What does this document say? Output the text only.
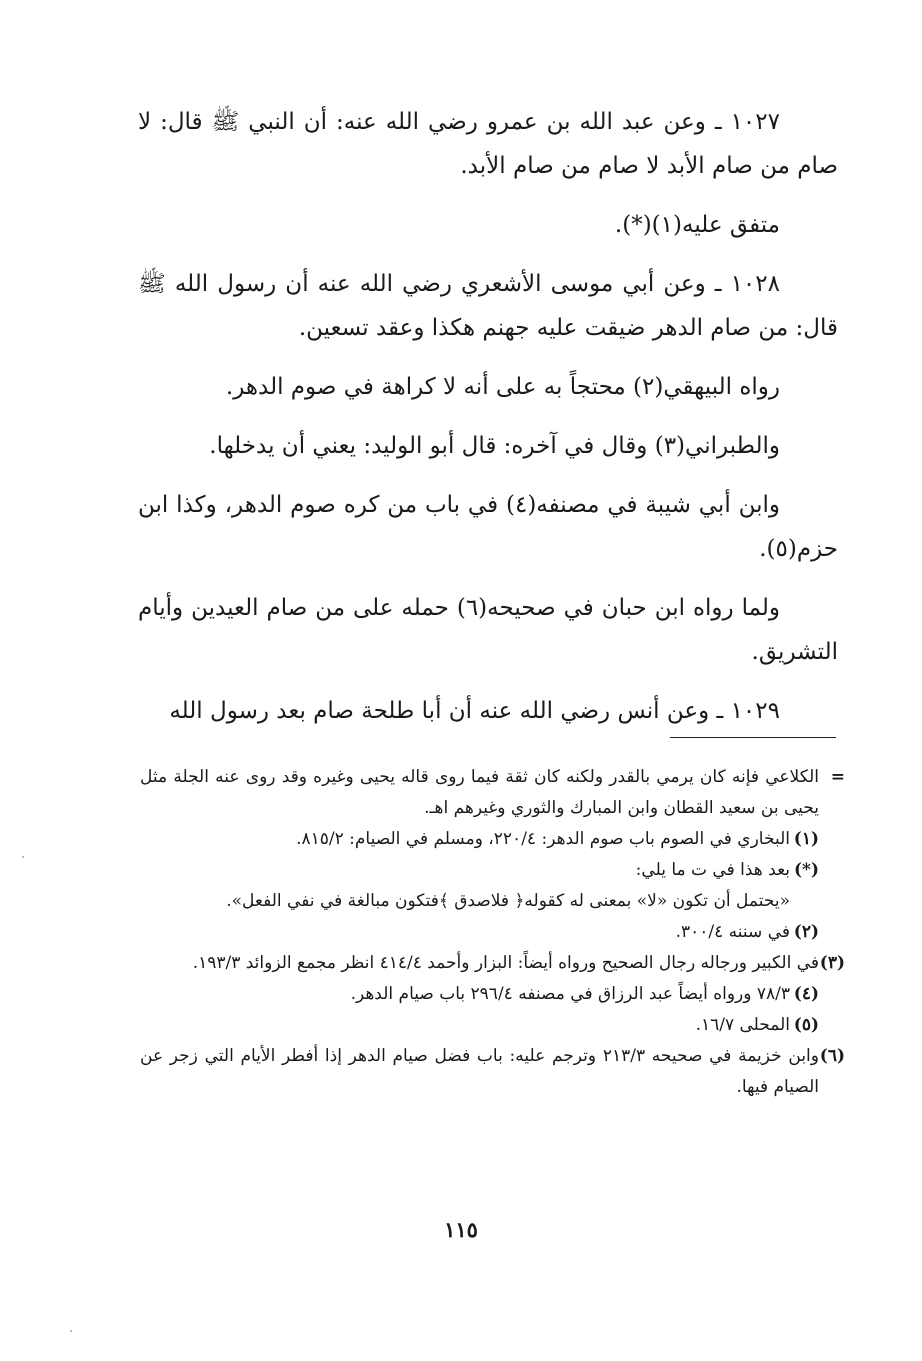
١٠٢٧ ـ وعن عبد الله بن عمرو رضي الله عنه: أن النبي ﷺ قال: لا صام من صام الأبد لا صام من صام الأبد.

متفق عليه(١)(*).

١٠٢٨ ـ وعن أبي موسى الأشعري رضي الله عنه أن رسول الله ﷺ قال: من صام الدهر ضيقت عليه جهنم هكذا وعقد تسعين.

رواه البيهقي(٢) محتجاً به على أنه لا كراهة في صوم الدهر.

والطبراني(٣) وقال في آخره: قال أبو الوليد: يعني أن يدخلها.

وابن أبي شيبة في مصنفه(٤) في باب من كره صوم الدهر، وكذا ابن حزم(٥).

ولما رواه ابن حبان في صحيحه(٦) حمله على من صام العيدين وأيام التشريق.

١٠٢٩ ـ وعن أنس رضي الله عنه أن أبا طلحة صام بعد رسول الله

=
الكلاعي فإنه كان يرمي بالقدر ولكنه كان ثقة فيما روى قاله يحيى وغيره وقد روى عنه الجلة مثل يحيى بن سعيد القطان وابن المبارك والثوري وغيرهم اهـ.
(١)
البخاري في الصوم باب صوم الدهر: ٢٢٠/٤، ومسلم في الصيام: ٨١٥/٢.
(*)
بعد هذا في ت ما يلي:
«يحتمل أن تكون «لا» بمعنى له كقوله﴿ فلاصدق ﴾فتكون مبالغة في نفي الفعل».
(٢)
في سننه ٣٠٠/٤.
(٣)
في الكبير ورجاله رجال الصحيح ورواه أيضاً: البزار وأحمد ٤١٤/٤ انظر مجمع الزوائد ١٩٣/٣.
(٤)
٧٨/٣ ورواه أيضاً عبد الرزاق في مصنفه ٢٩٦/٤ باب صيام الدهر.
(٥)
المحلى ١٦/٧.
(٦)
وابن خزيمة في صحيحه ٢١٣/٣ وترجم عليه: باب فضل صيام الدهر إذا أفطر الأيام التي زجر عن الصيام فيها.
١١٥
